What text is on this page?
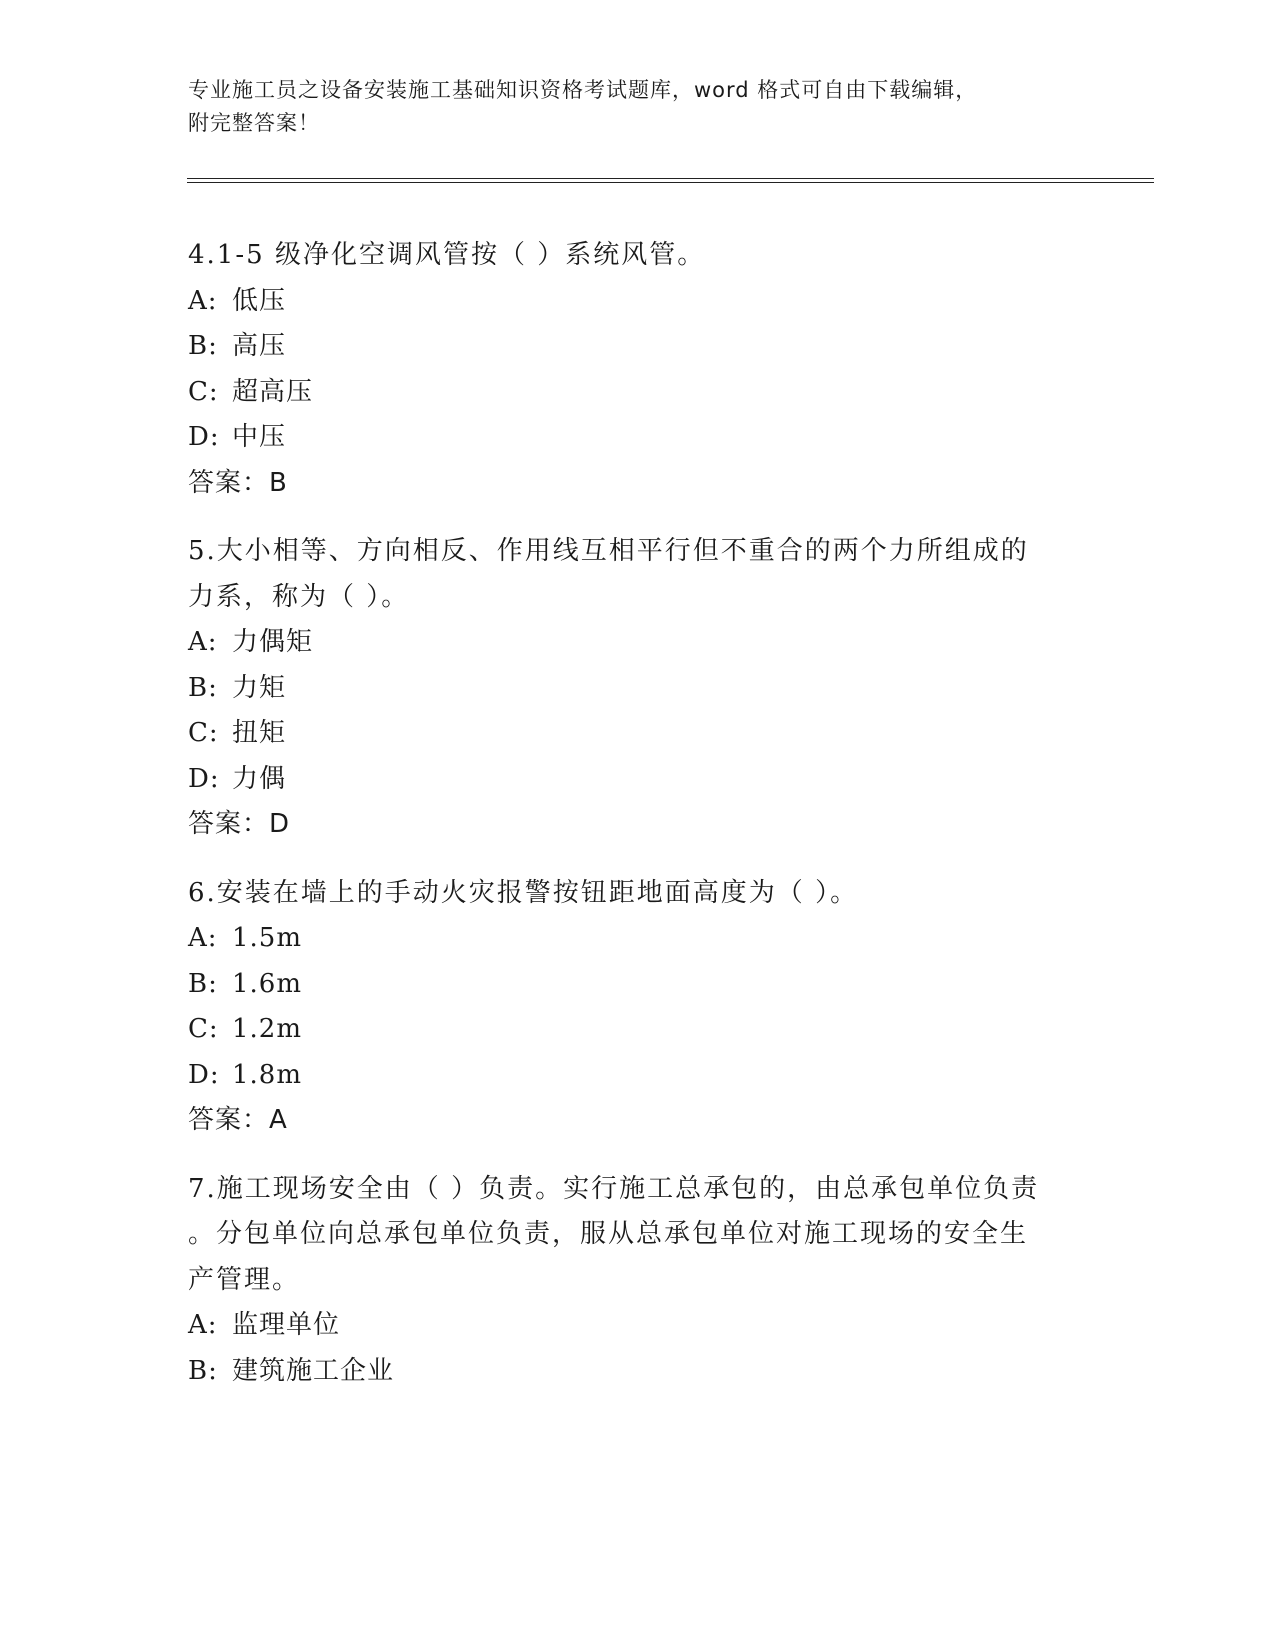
专业施工员之设备安装施工基础知识资格考试题库，word 格式可自由下载编辑，
附完整答案！
4.1-5 级净化空调风管按（ ）系统风管。
A: 低压
B: 高压
C: 超高压
D: 中压
答案：B
5.大小相等、方向相反、作用线互相平行但不重合的两个力所组成的
力系，称为（ ）。
A: 力偶矩
B: 力矩
C: 扭矩
D: 力偶
答案：D
6.安装在墙上的手动火灾报警按钮距地面高度为（ ）。
A: 1.5m
B: 1.6m
C: 1.2m
D: 1.8m
答案：A
7.施工现场安全由（ ）负责。实行施工总承包的，由总承包单位负责
。分包单位向总承包单位负责，服从总承包单位对施工现场的安全生
产管理。
A: 监理单位
B: 建筑施工企业
